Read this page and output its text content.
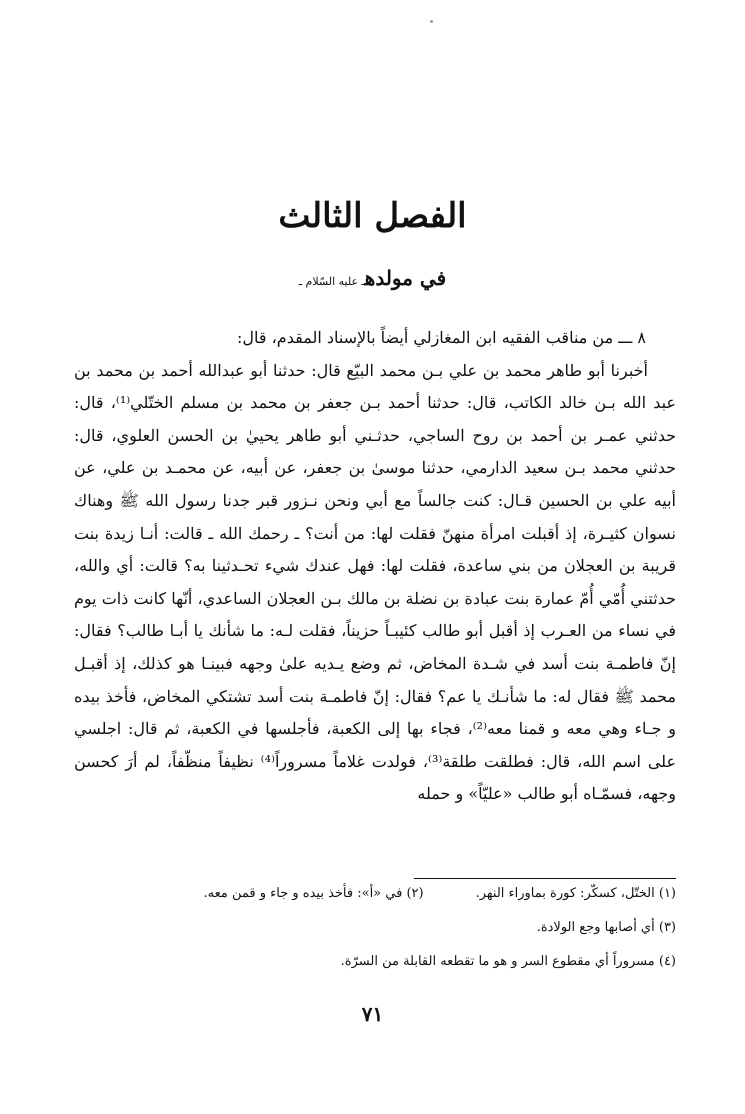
الفصل الثالث
في مولدهـ عليه السّلام ـ

٨ ـــ من مناقب الفقيه ابن المغازلي أيضاً بالإسناد المقدم، قال:

أخبرنا أبو طاهر محمد بن علي بـن محمد البيّع قال: حدثنا أبو عبدالله أحمد بن محمد بن عبد الله بـن خالد الكاتب، قال: حدثنا أحمد بـن جعفر بن محمد بن مسلم الختّلي⁽¹⁾، قال: حدثني عمـر بن أحمد بن روح الساجي، حدثـني أبو طاهر يحييٰ بن الحسن العلوي، قال: حدثني محمد بـن سعيد الدارمي، حدثنا موسىٰ بن جعفر، عن أبيه، عن محمـد بن علي، عن أبيه علي بن الحسين قـال: كنت جالساً مع أبي ونحن نـزور قبر جدنا رسول الله ﷺ وهناك نسوان كثيـرة، إذ أقبلت امرأة منهنّ فقلت لها: من أنت؟ ـ رحمك الله ـ قالت: أنـا زيدة بنت قريبة بن العجلان من بني ساعدة، فقلت لها: فهل عندك شيء تحـدثينا به؟ قالت: أي والله، حدثتني أُمّي أُمّ عمارة بنت عبادة بن نضلة بن مالك بـن العجلان الساعدي، أنّها كانت ذات يوم في نساء من العـرب إذ أقبل أبو طالب كئيبـاً حزيناً، فقلت لـه: ما شأنك يا أبـا طالب؟ فقال: إنّ فاطمـة بنت أسد في شـدة المخاض، ثم وضع يـديه علىٰ وجهه فبينـا هو كذلك، إذ أقبـل محمد ﷺ فقال له: ما شأنـك يا عم؟ فقال: إنّ فاطمـة بنت أسد تشتكي المخاض، فأخذ بيده و جـاء وهي معه و قمنا معه⁽²⁾، فجاء بها إلى الكعبة، فأجلسها في الكعبة، ثم قال: اجلسي على اسم الله، قال: فطلقت طلقة⁽³⁾، فولدت غلاماً مسروراً⁽⁴⁾ نظيفاً منظّفاً، لم أرَ كحسن وجهه، فسمّـاه أبو طالب «عليّاً» و حمله

(١) الختّل، كسكّر: كورة بماوراء النهر.(٢) في «أ»: فأخذ بيده و جاء و قمن معه.
(٣) أي أصابها وجع الولادة.
(٤) مسروراً أي مقطوع السر و هو ما تقطعه القابلة من السرّة.
٧١
